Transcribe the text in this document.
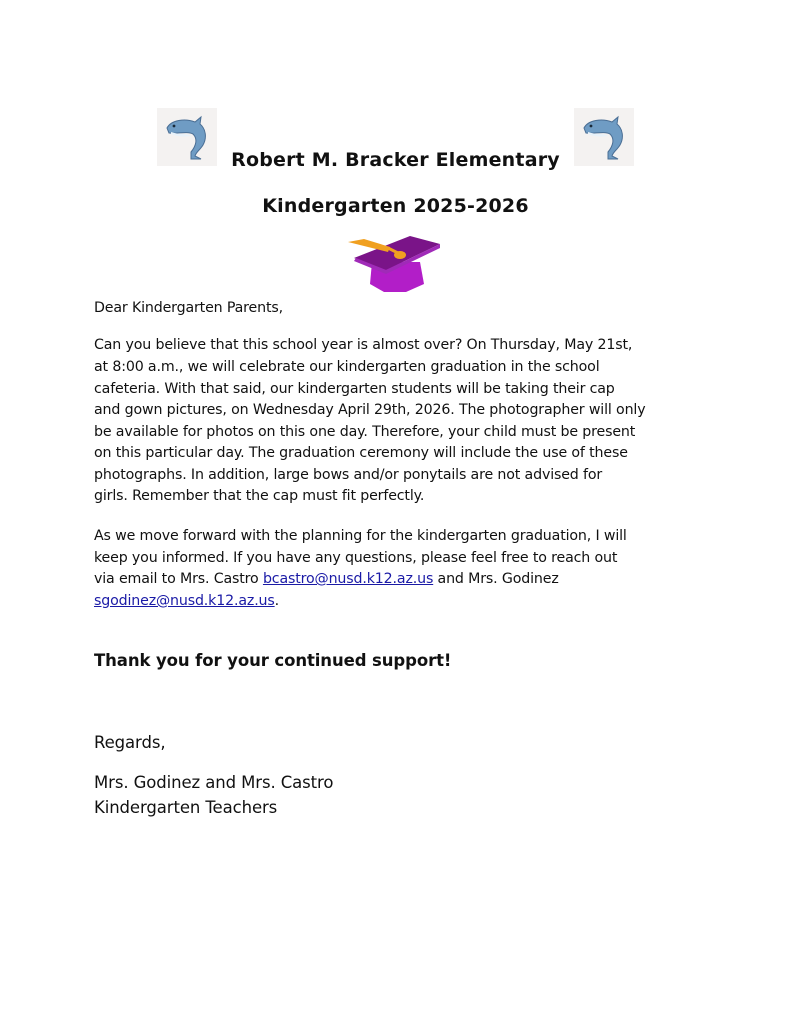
Robert M. Bracker Elementary
Kindergarten 2025-2026
Dear Kindergarten Parents,
Can you believe that this school year is almost over? On Thursday, May 21st,
at 8:00 a.m., we will celebrate our kindergarten graduation in the school
cafeteria. With that said, our kindergarten students will be taking their cap
and gown pictures, on Wednesday April 29th, 2026. The photographer will only
be available for photos on this one day. Therefore, your child must be present
on this particular day. The graduation ceremony will include the use of these
photographs. In addition, large bows and/or ponytails are not advised for
girls. Remember that the cap must fit perfectly.
As we move forward with the planning for the kindergarten graduation, I will
keep you informed. If you have any questions, please feel free to reach out
via email to Mrs. Castro bcastro@nusd.k12.az.us and Mrs. Godinez
sgodinez@nusd.k12.az.us.
Thank you for your continued support!
Regards,
Mrs. Godinez and Mrs. Castro
Kindergarten Teachers
